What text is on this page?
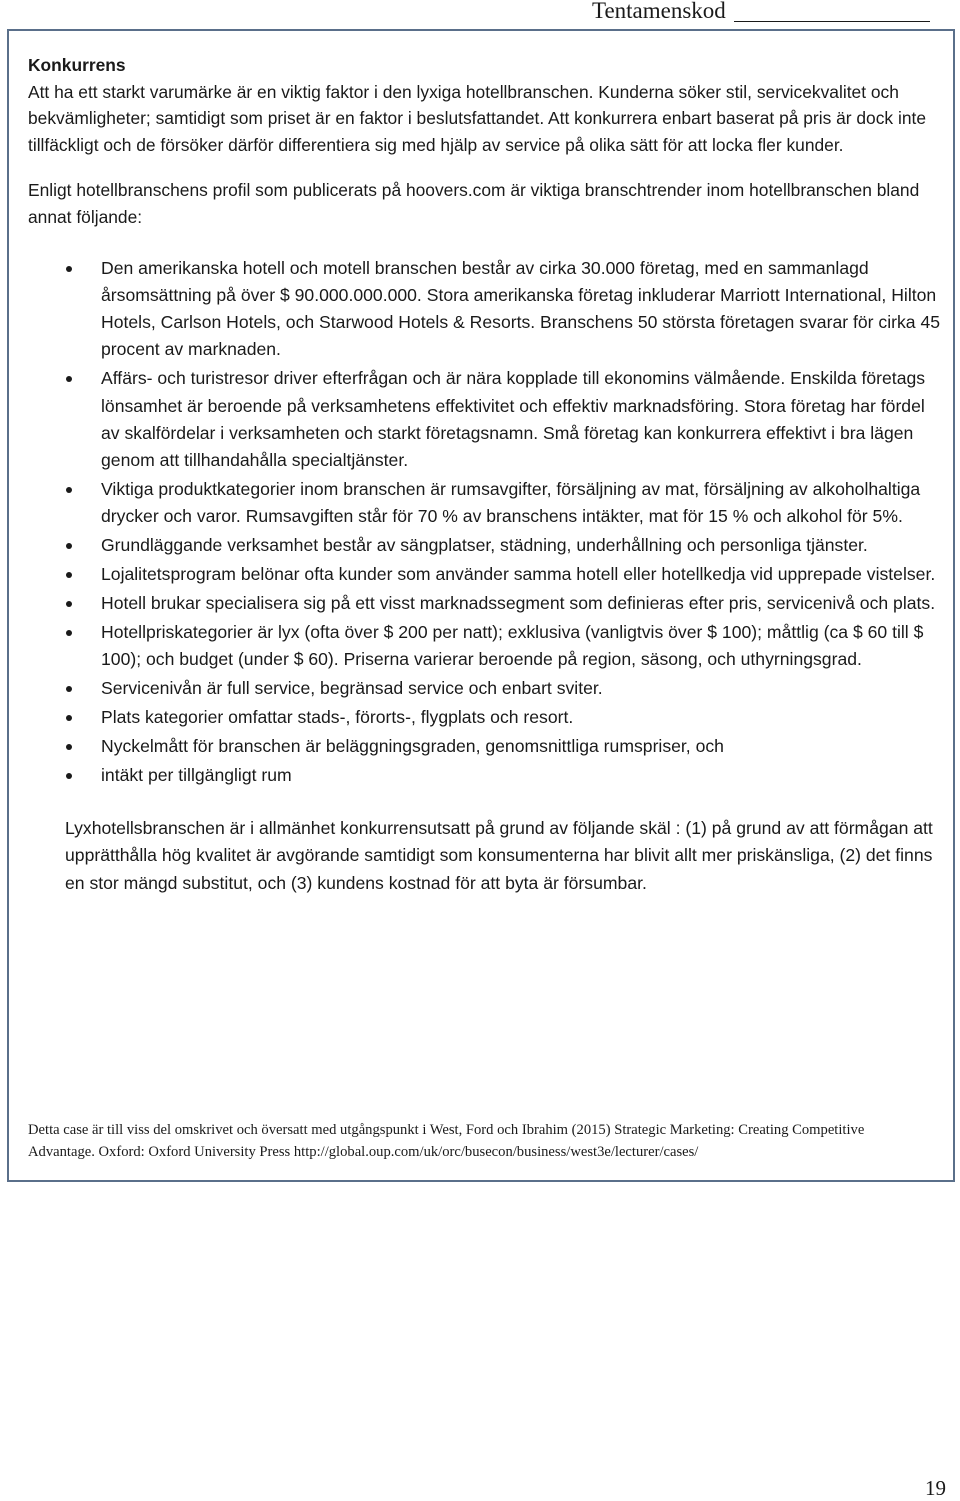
Tentamenskod

Konkurrens

Att ha ett starkt varumärke är en viktig faktor i den lyxiga hotellbranschen. Kunderna söker stil, servicekvalitet och bekvämligheter; samtidigt som priset är en faktor i beslutsfattandet. Att konkurrera enbart baserat på pris är dock inte tillfäckligt och de försöker därför differentiera sig med hjälp av service på olika sätt för att locka fler kunder.

Enligt hotellbranschens profil som publicerats på hoovers.com är viktiga branschtrender inom hotellbranschen bland annat följande:

Den amerikanska hotell och motell branschen består av cirka 30.000 företag, med en sammanlagd årsomsättning på över $ 90.000.000.000. Stora amerikanska företag inkluderar Marriott International, Hilton Hotels, Carlson Hotels, och Starwood Hotels & Resorts. Branschens 50 största företagen svarar för cirka 45 procent av marknaden.
Affärs- och turistresor driver efterfrågan och är nära kopplade till ekonomins välmående. Enskilda företags lönsamhet är beroende på verksamhetens effektivitet och effektiv marknadsföring. Stora företag har fördel av skalfördelar i verksamheten och starkt företagsnamn. Små företag kan konkurrera effektivt i bra lägen genom att tillhandahålla specialtjänster.
Viktiga produktkategorier inom branschen är rumsavgifter, försäljning av mat, försäljning av alkoholhaltiga drycker och varor. Rumsavgiften står för 70 % av branschens intäkter, mat för 15 % och alkohol för 5%.
Grundläggande verksamhet består av sängplatser, städning, underhållning och personliga tjänster.
Lojalitetsprogram belönar ofta kunder som använder samma hotell eller hotellkedja vid upprepade vistelser.
Hotell brukar specialisera sig på ett visst marknadssegment som definieras efter pris, servicenivå och plats.
Hotellpriskategorier är lyx (ofta över $ 200 per natt); exklusiva (vanligtvis över $ 100); måttlig (ca $ 60 till $ 100); och budget (under $ 60). Priserna varierar beroende på region, säsong, och uthyrningsgrad.
Servicenivån är full service, begränsad service och enbart sviter.
Plats kategorier omfattar stads-, förorts-, flygplats och resort.
Nyckelmått för branschen är beläggningsgraden, genomsnittliga rumspriser, och
intäkt per tillgängligt rum

Lyxhotellsbranschen är i allmänhet konkurrensutsatt på grund av följande skäl : (1) på grund av att förmågan att upprätthålla hög kvalitet är avgörande samtidigt som konsumenterna har blivit allt mer priskänsliga, (2) det finns en stor mängd substitut, och (3) kundens kostnad för att byta är försumbar.

Detta case är till viss del omskrivet och översatt med utgångspunkt i West, Ford och Ibrahim (2015) Strategic Marketing: Creating Competitive Advantage. Oxford: Oxford University Press http://global.oup.com/uk/orc/busecon/business/west3e/lecturer/cases/
19
